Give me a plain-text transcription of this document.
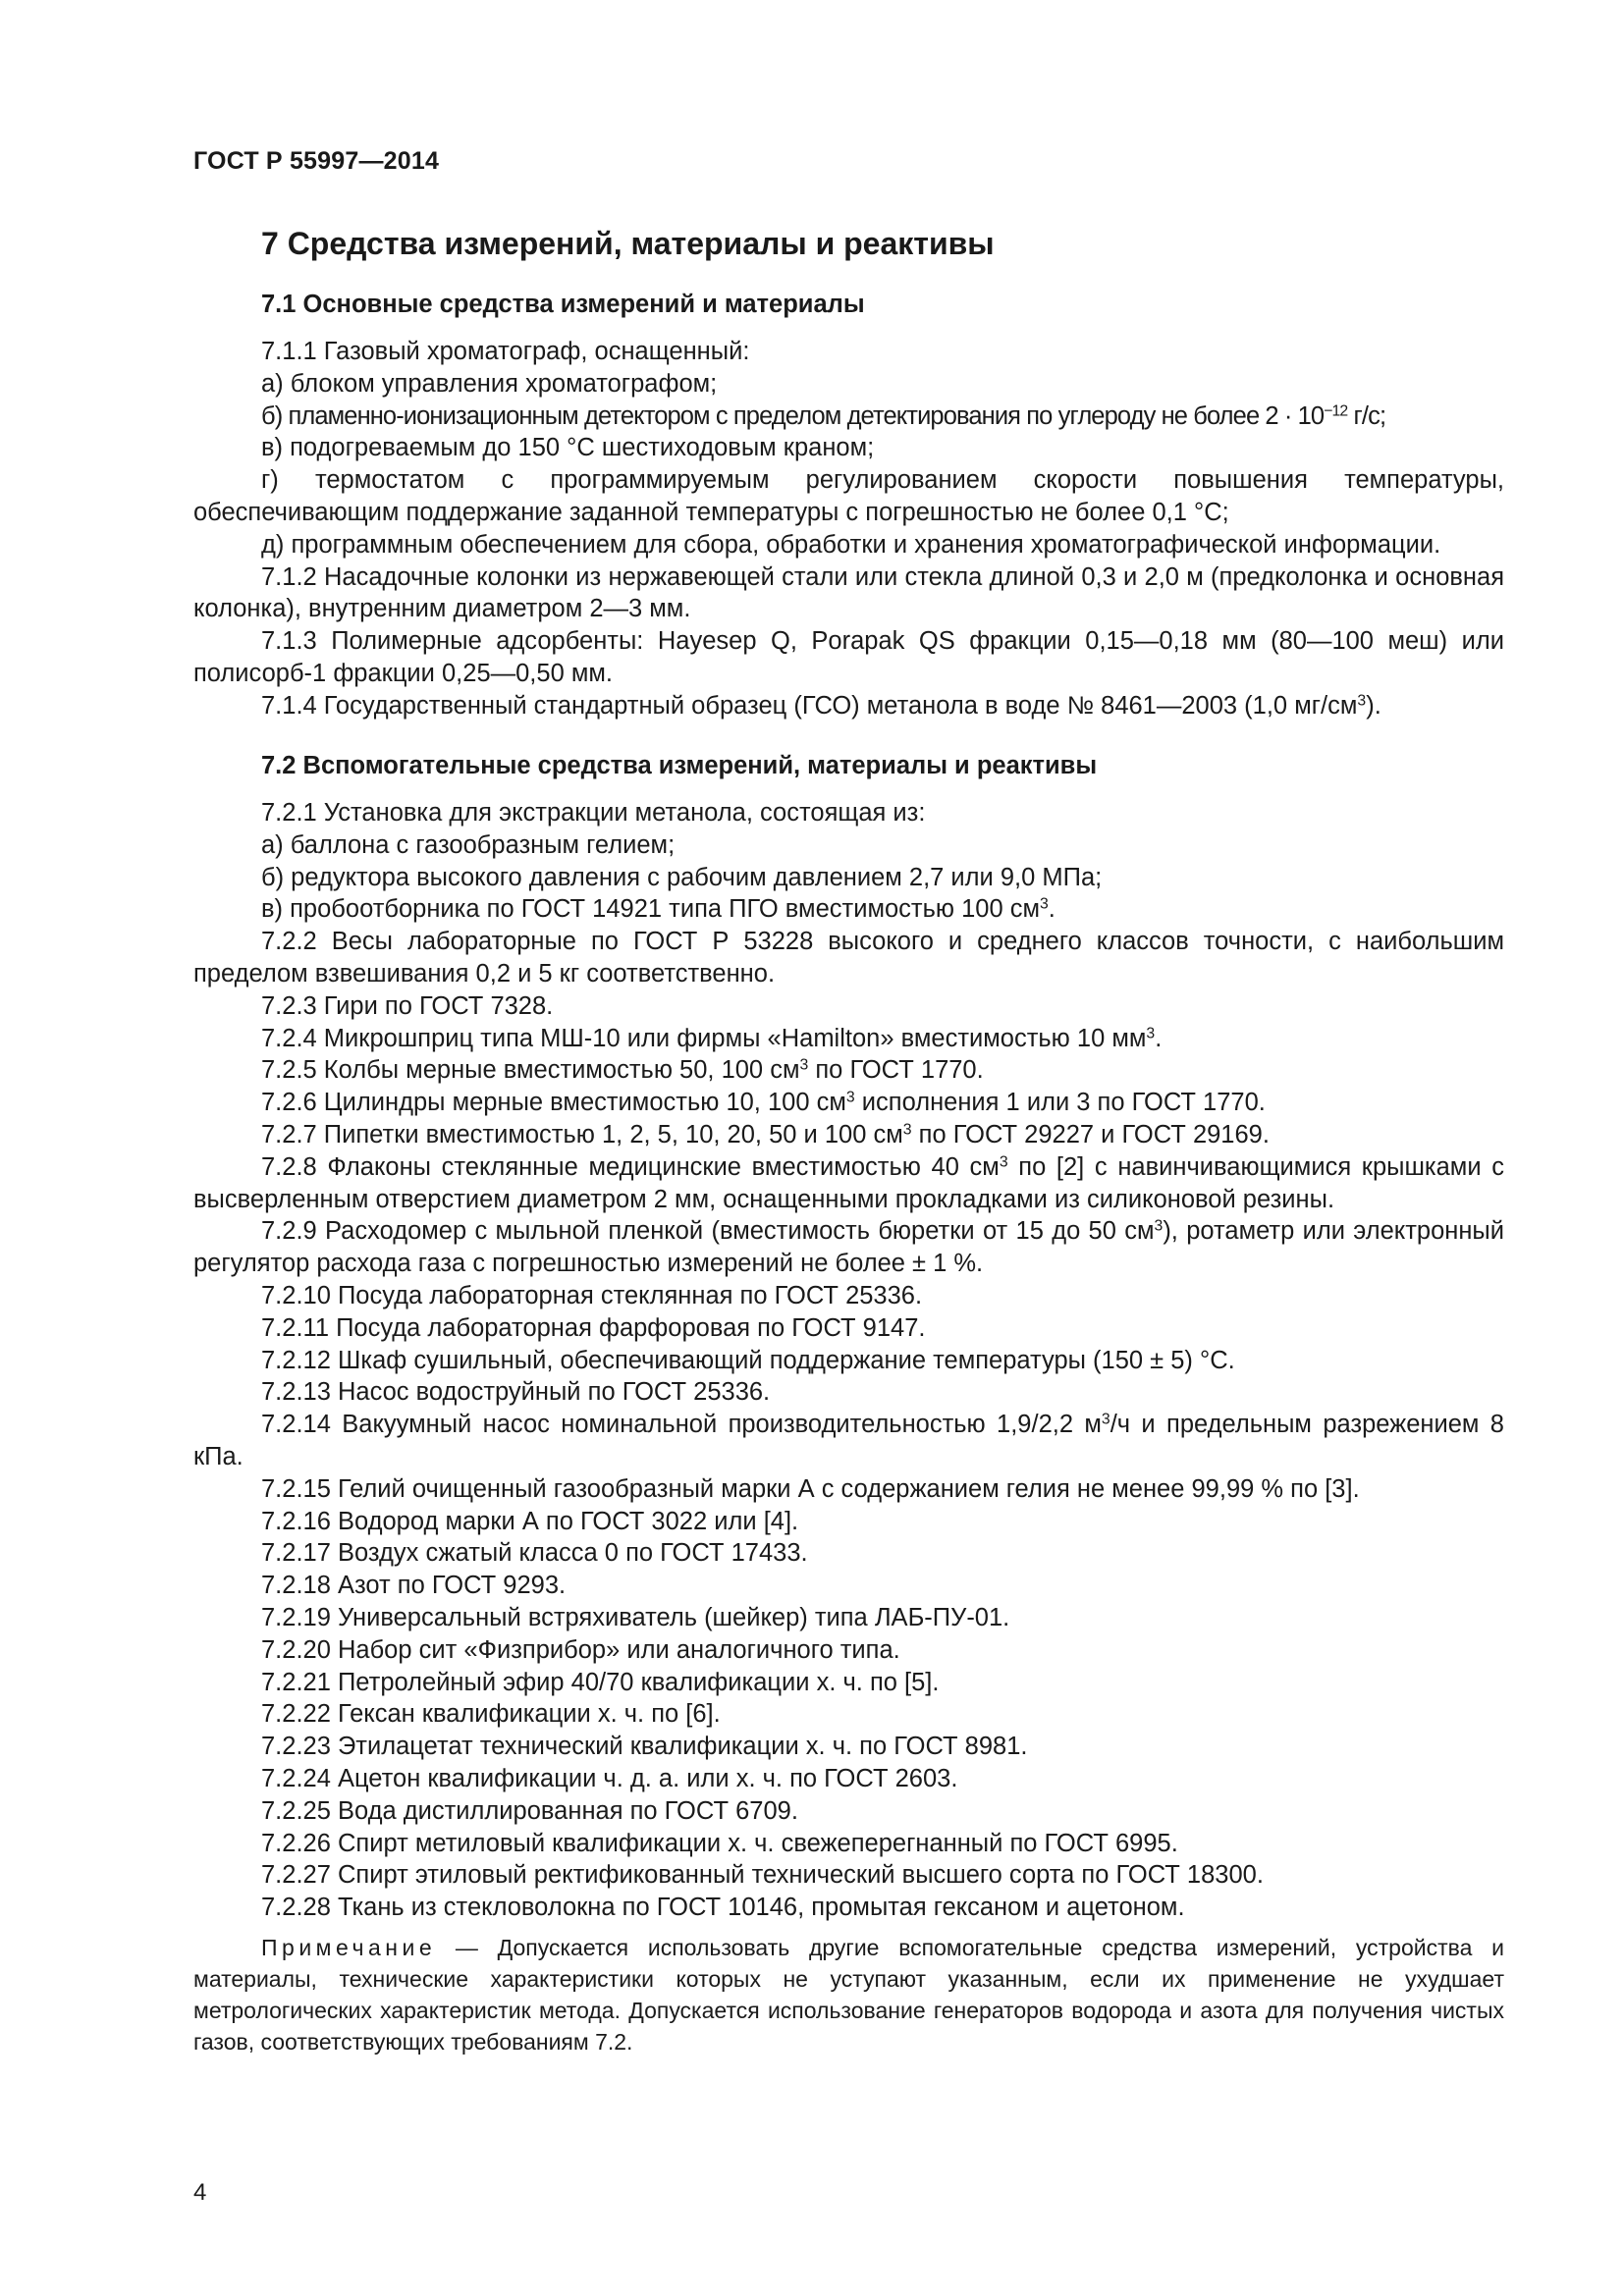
ГОСТ Р 55997—2014
7 Средства измерений, материалы и реактивы
7.1 Основные средства измерений и материалы

7.1.1 Газовый хроматограф, оснащенный:

а) блоком управления хроматографом;

б) пламенно-ионизационным детектором с пределом детектирования по углероду не более $2 \cdot 10^{-12}$ г/с;

в) подогреваемым до 150 °С шестиходовым краном;

г) термостатом с программируемым регулированием скорости повышения температуры, обеспечивающим поддержание заданной температуры с погрешностью не более 0,1 °С;

д) программным обеспечением для сбора, обработки и хранения хроматографической информации.

7.1.2 Насадочные колонки из нержавеющей стали или стекла длиной 0,3 и 2,0 м (предколонка и основная колонка), внутренним диаметром 2—3 мм.

7.1.3 Полимерные адсорбенты: Hayesep Q, Porapak QS фракции 0,15—0,18 мм (80—100 меш) или полисорб-1 фракции 0,25—0,50 мм.

7.1.4 Государственный стандартный образец (ГСО) метанола в воде № 8461—2003 (1,0 $мг/см^3$).

7.2 Вспомогательные средства измерений, материалы и реактивы

7.2.1 Установка для экстракции метанола, состоящая из:

а) баллона с газообразным гелием;

б) редуктора высокого давления с рабочим давлением 2,7 или 9,0 МПа;

в) пробоотборника по ГОСТ 14921 типа ПГО вместимостью 100 $см^3$.

7.2.2 Весы лабораторные по ГОСТ Р 53228 высокого и среднего классов точности, с наибольшим пределом взвешивания 0,2 и 5 кг соответственно.

7.2.3 Гири по ГОСТ 7328.

7.2.4 Микрошприц типа МШ-10 или фирмы «Hamilton» вместимостью 10 $мм^3$.

7.2.5 Колбы мерные вместимостью 50, 100 $см^3$ по ГОСТ 1770.

7.2.6 Цилиндры мерные вместимостью 10, 100 $см^3$ исполнения 1 или 3 по ГОСТ 1770.

7.2.7 Пипетки вместимостью 1, 2, 5, 10, 20, 50 и 100 $см^3$ по ГОСТ 29227 и ГОСТ 29169.

7.2.8 Флаконы стеклянные медицинские вместимостью 40 $см^3$ по [2] с навинчивающимися крышками с высверленным отверстием диаметром 2 мм, оснащенными прокладками из силиконовой резины.

7.2.9 Расходомер с мыльной пленкой (вместимость бюретки от 15 до 50 $см^3$), ротаметр или электронный регулятор расхода газа с погрешностью измерений не более ± 1 %.

7.2.10 Посуда лабораторная стеклянная по ГОСТ 25336.

7.2.11 Посуда лабораторная фарфоровая по ГОСТ 9147.

7.2.12 Шкаф сушильный, обеспечивающий поддержание температуры (150 ± 5) °С.

7.2.13 Насос водоструйный по ГОСТ 25336.

7.2.14 Вакуумный насос номинальной производительностью 1,9/2,2 $м^3/ч$ и предельным разрежением 8 кПа.

7.2.15 Гелий очищенный газообразный марки А с содержанием гелия не менее 99,99 % по [3].

7.2.16 Водород марки А по ГОСТ 3022 или [4].

7.2.17 Воздух сжатый класса 0 по ГОСТ 17433.

7.2.18 Азот по ГОСТ 9293.

7.2.19 Универсальный встряхиватель (шейкер) типа ЛАБ-ПУ-01.

7.2.20 Набор сит «Физприбор» или аналогичного типа.

7.2.21 Петролейный эфир 40/70 квалификации х. ч. по [5].

7.2.22 Гексан квалификации х. ч. по [6].

7.2.23 Этилацетат технический квалификации х. ч. по ГОСТ 8981.

7.2.24 Ацетон квалификации ч. д. а. или х. ч. по ГОСТ 2603.

7.2.25 Вода дистиллированная по ГОСТ 6709.

7.2.26 Спирт метиловый квалификации х. ч. свежеперегнанный по ГОСТ 6995.

7.2.27 Спирт этиловый ректификованный технический высшего сорта по ГОСТ 18300.

7.2.28 Ткань из стекловолокна по ГОСТ 10146, промытая гексаном и ацетоном.

Примечание — Допускается использовать другие вспомогательные средства измерений, устройства и материалы, технические характеристики которых не уступают указанным, если их применение не ухудшает метрологических характеристик метода. Допускается использование генераторов водорода и азота для получения чистых газов, соответствующих требованиям 7.2.

4
